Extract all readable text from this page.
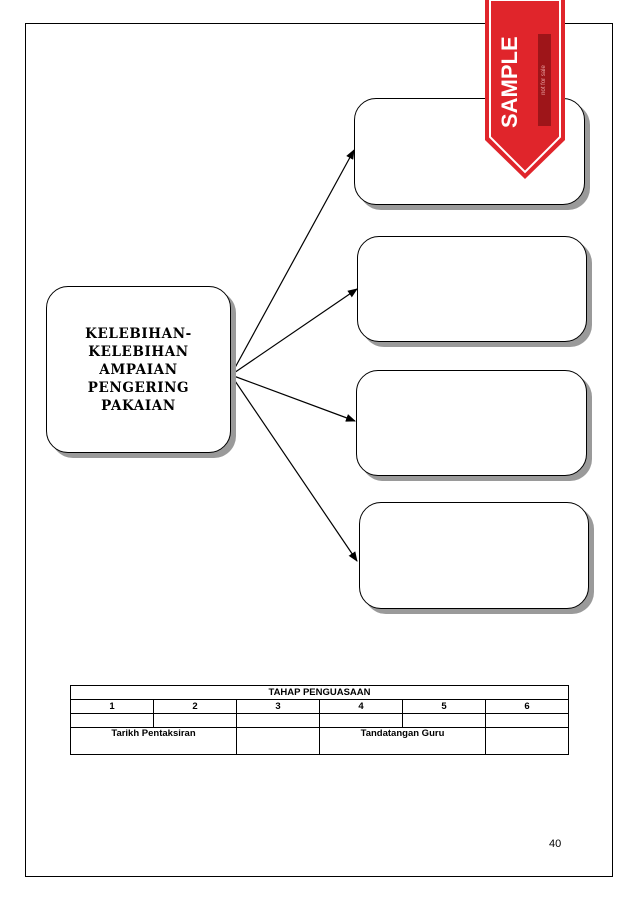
KELEBIHAN-
KELEBIHAN
AMPAIAN
PENGERING
PAKAIAN
SAMPLE	not for sale
TAHAP PENGUASAAN					
1	2	3	4	5	6

Tarikh Pentaksiran			Tandatangan Guru		
40
